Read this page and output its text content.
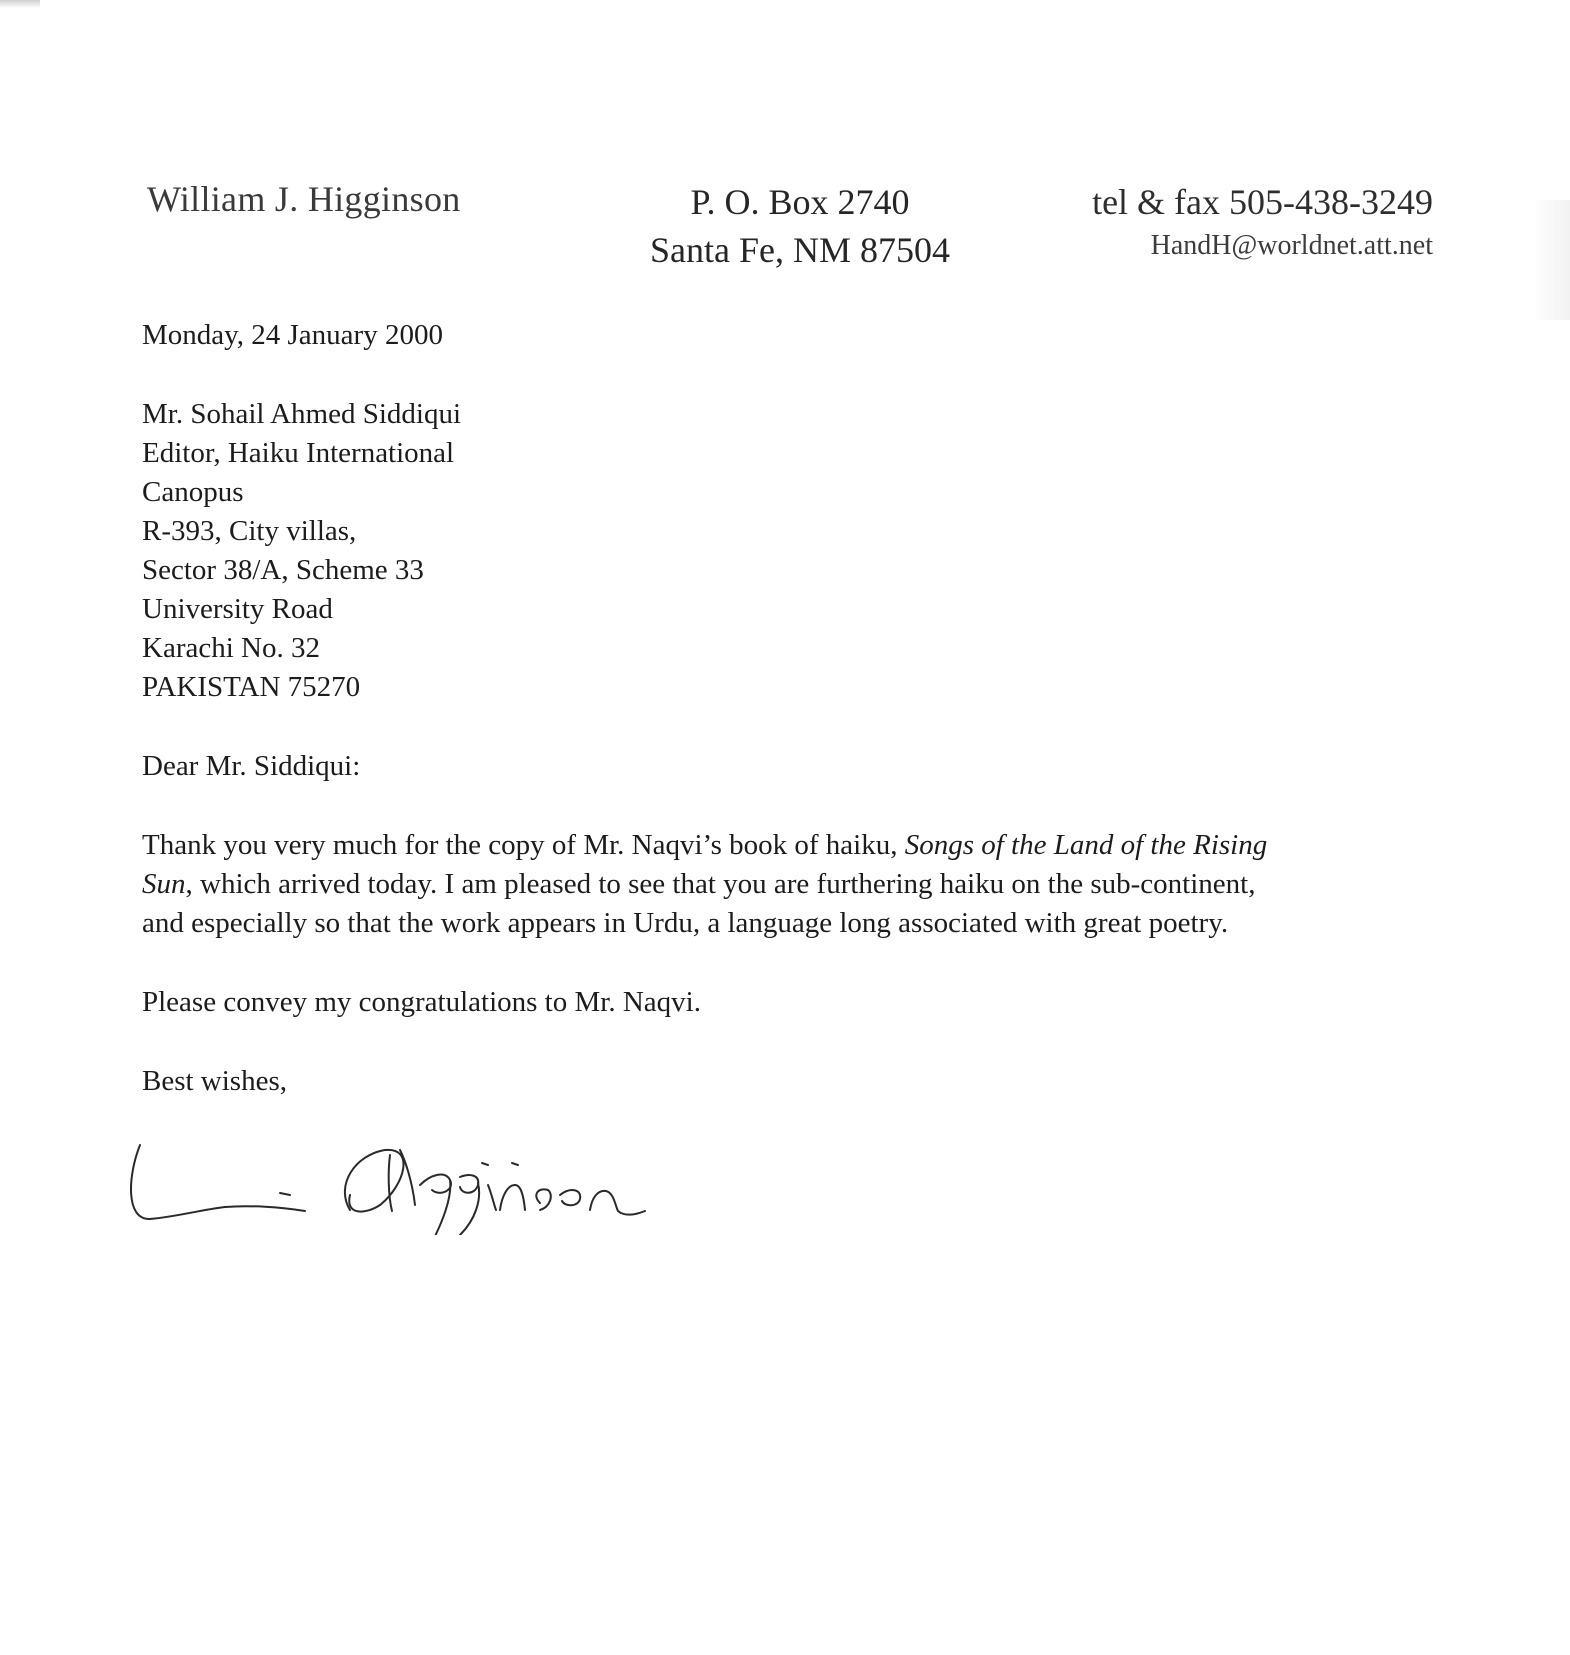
William J. Higginson	P. O. Box 2740
Santa Fe, NM 87504
tel & fax 505-438-3249
HandH@worldnet.att.net
Monday, 24 January 2000
Mr. Sohail Ahmed Siddiqui
Editor, Haiku International
Canopus
R-393, City villas,
Sector 38/A, Scheme 33
University Road
Karachi No. 32
PAKISTAN 75270
Dear Mr. Siddiqui:
Thank you very much for the copy of Mr. Naqvi’s book of haiku, Songs of the Land of the Rising
Sun, which arrived today. I am pleased to see that you are furthering haiku on the sub-continent,
and especially so that the work appears in Urdu, a language long associated with great poetry.
Please convey my congratulations to Mr. Naqvi.
Best wishes,
